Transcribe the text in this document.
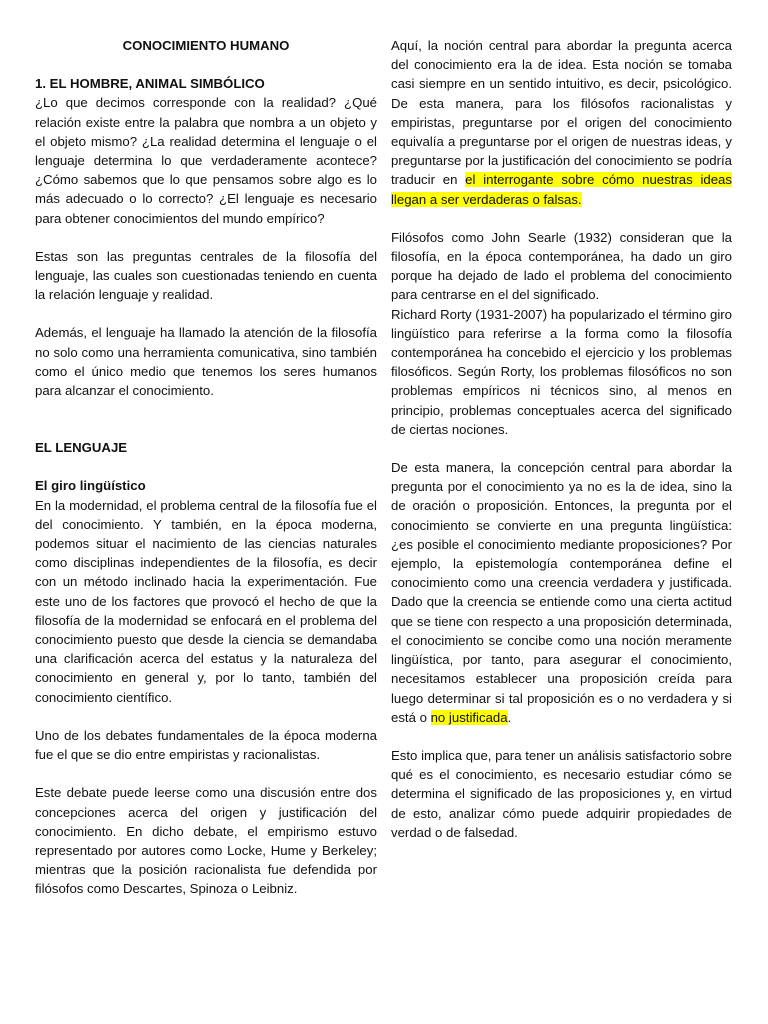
CONOCIMIENTO HUMANO

1. EL HOMBRE, ANIMAL SIMBÓLICO

¿Lo que decimos corresponde con la realidad? ¿Qué relación existe entre la palabra que nombra a un objeto y el objeto mismo? ¿La realidad determina el lenguaje o el lenguaje determina lo que verdaderamente acontece? ¿Cómo sabemos que lo que pensamos sobre algo es lo más adecuado o lo correcto? ¿El lenguaje es necesario para obtener conocimientos del mundo empírico?

Estas son las preguntas centrales de la filosofía del lenguaje, las cuales son cuestionadas teniendo en cuenta la relación lenguaje y realidad.

Además, el lenguaje ha llamado la atención de la filosofía no solo como una herramienta comunicativa, sino también como el único medio que tenemos los seres humanos para alcanzar el conocimiento.

EL LENGUAJE

El giro lingüístico

En la modernidad, el problema central de la filosofía fue el del conocimiento. Y también, en la época moderna, podemos situar el nacimiento de las ciencias naturales como disciplinas independientes de la filosofía, es decir con un método inclinado hacia la experimentación. Fue este uno de los factores que provocó el hecho de que la filosofía de la modernidad se enfocará en el problema del conocimiento puesto que desde la ciencia se demandaba una clarificación acerca del estatus y la naturaleza del conocimiento en general y, por lo tanto, también del conocimiento científico.

Uno de los debates fundamentales de la época moderna fue el que se dio entre empiristas y racionalistas.

Este debate puede leerse como una discusión entre dos concepciones acerca del origen y justificación del conocimiento. En dicho debate, el empirismo estuvo representado por autores como Locke, Hume y Berkeley; mientras que la posición racionalista fue defendida por filósofos como Descartes, Spinoza o Leibniz.

Aquí, la noción central para abordar la pregunta acerca del conocimiento era la de idea. Esta noción se tomaba casi siempre en un sentido intuitivo, es decir, psicológico. De esta manera, para los filósofos racionalistas y empiristas, preguntarse por el origen del conocimiento equivalía a preguntarse por el origen de nuestras ideas, y preguntarse por la justificación del conocimiento se podría traducir en el interrogante sobre cómo nuestras ideas llegan a ser verdaderas o falsas.

Filósofos como John Searle (1932) consideran que la filosofía, en la época contemporánea, ha dado un giro porque ha dejado de lado el problema del conocimiento para centrarse en el del significado.

Richard Rorty (1931-2007) ha popularizado el término giro lingüístico para referirse a la forma como la filosofía contemporánea ha concebido el ejercicio y los problemas filosóficos. Según Rorty, los problemas filosóficos no son problemas empíricos ni técnicos sino, al menos en principio, problemas conceptuales acerca del significado de ciertas nociones.

De esta manera, la concepción central para abordar la pregunta por el conocimiento ya no es la de idea, sino la de oración o proposición. Entonces, la pregunta por el conocimiento se convierte en una pregunta lingüística: ¿es posible el conocimiento mediante proposiciones? Por ejemplo, la epistemología contemporánea define el conocimiento como una creencia verdadera y justificada. Dado que la creencia se entiende como una cierta actitud que se tiene con respecto a una proposición determinada, el conocimiento se concibe como una noción meramente lingüística, por tanto, para asegurar el conocimiento, necesitamos establecer una proposición creída para luego determinar si tal proposición es o no verdadera y si está o no justificada.

Esto implica que, para tener un análisis satisfactorio sobre qué es el conocimiento, es necesario estudiar cómo se determina el significado de las proposiciones y, en virtud de esto, analizar cómo puede adquirir propiedades de verdad o de falsedad.
